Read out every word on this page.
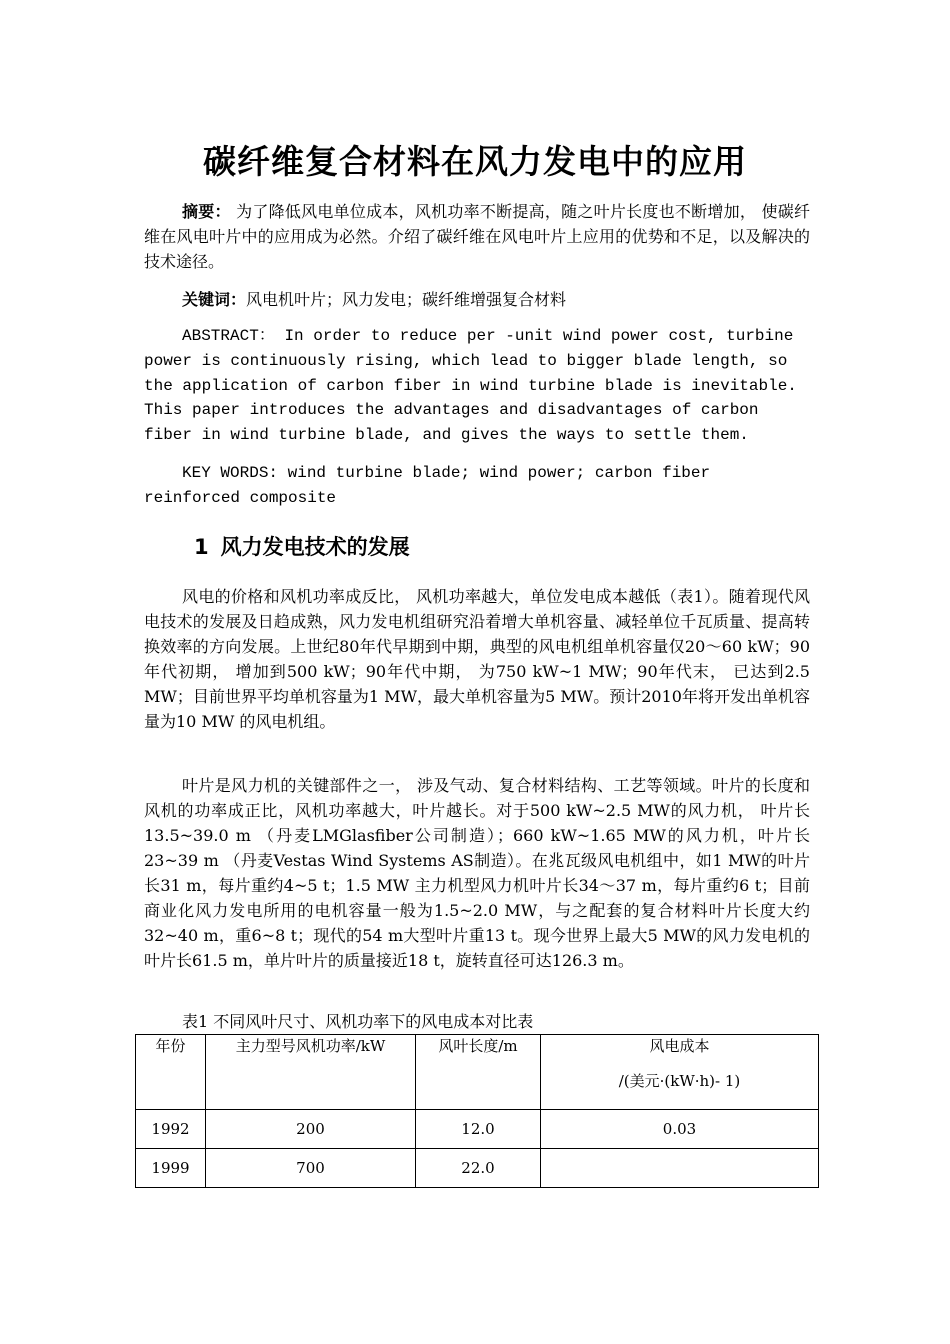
碳纤维复合材料在风力发电中的应用

摘要： 为了降低风电单位成本，风机功率不断提高，随之叶片长度也不断增加， 使碳纤维在风电叶片中的应用成为必然。介绍了碳纤维在风电叶片上应用的优势和不足，以及解决的技术途径。

关键词：风电机叶片；风力发电；碳纤维增强复合材料

ABSTRACT： In order to reduce per -unit wind power cost, turbine power is continuously rising, which lead to bigger blade length, so the application of carbon fiber in wind turbine blade is inevitable. This paper introduces the advantages and disadvantages of carbon fiber in wind turbine blade, and gives the ways to settle them.

KEY WORDS: wind turbine blade; wind power; carbon fiber reinforced composite

1 风力发电技术的发展

风电的价格和风机功率成反比， 风机功率越大，单位发电成本越低（表1）。随着现代风电技术的发展及日趋成熟，风力发电机组研究沿着增大单机容量、减轻单位千瓦质量、提高转换效率的方向发展。上世纪80年代早期到中期，典型的风电机组单机容量仅20～60 kW；90年代初期， 增加到500 kW；90年代中期， 为750 kW~1 MW；90年代末， 已达到2.5 MW；目前世界平均单机容量为1 MW，最大单机容量为5 MW。预计2010年将开发出单机容量为10 MW 的风电机组。

叶片是风力机的关键部件之一， 涉及气动、复合材料结构、工艺等领域。叶片的长度和风机的功率成正比，风机功率越大，叶片越长。对于500 kW~2.5 MW的风力机， 叶片长13.5~39.0 m （丹麦LMGlasfiber公司制造）；660 kW~1.65 MW的风力机，叶片长23~39 m （丹麦Vestas Wind Systems AS制造）。在兆瓦级风电机组中，如1 MW的叶片长31 m，每片重约4~5 t；1.5 MW 主力机型风力机叶片长34～37 m，每片重约6 t；目前商业化风力发电所用的电机容量一般为1.5~2.0 MW，与之配套的复合材料叶片长度大约32~40 m，重6~8 t；现代的54 m大型叶片重13 t。现今世界上最大5 MW的风力发电机的叶片长61.5 m，单片叶片的质量接近18 t，旋转直径可达126.3 m。

表1 不同风叶尺寸、风机功率下的风电成本对比表
年份	主力型号风机功率/kW	风叶长度/m	风电成本
/(美元·(kW·h)- 1)

1992	200	12.0	0.03
1999	700	22.0	
